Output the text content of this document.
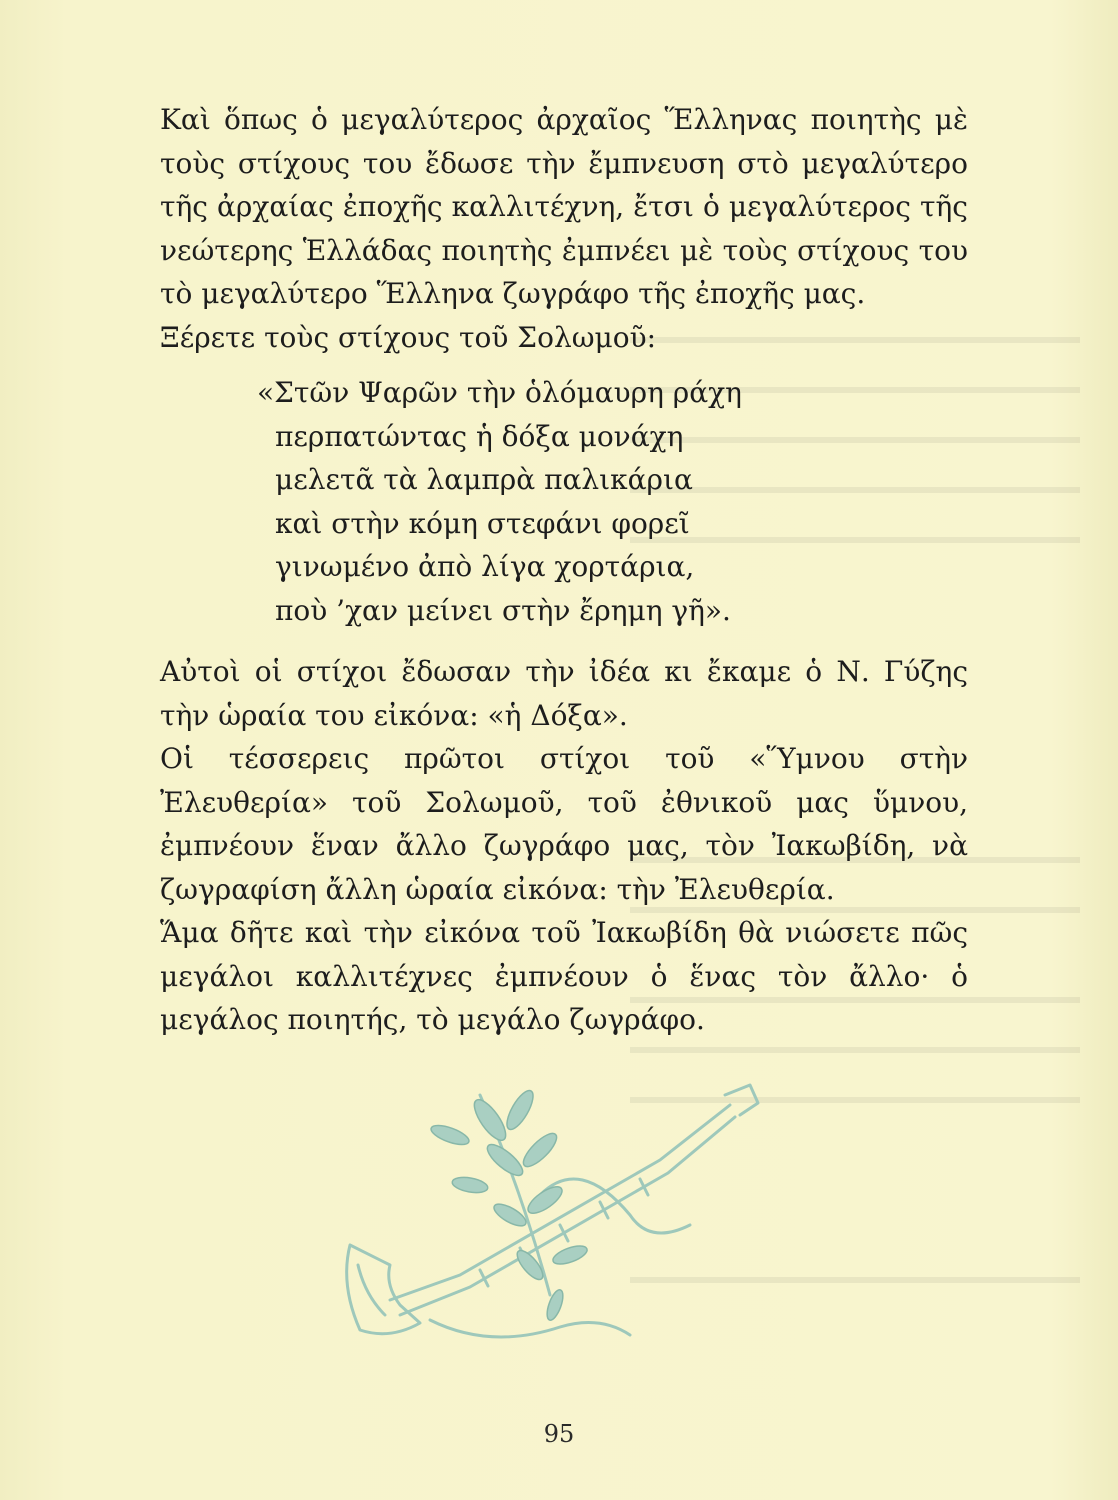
Καὶ ὅπως ὁ μεγαλύτερος ἀρχαῖος Ἕλληνας ποιητὴς μὲ τοὺς στίχους του ἔδωσε τὴν ἔμπνευση στὸ μεγαλύτερο τῆς ἀρχαίας ἐποχῆς καλλιτέχνη, ἔτσι ὁ μεγαλύτερος τῆς νεώτερης Ἑλλάδας ποιητὴς ἐμπνέει μὲ τοὺς στίχους του τὸ μεγαλύτερο Ἕλληνα ζωγράφο τῆς ἐποχῆς μας.

Ξέρετε τοὺς στίχους τοῦ Σολωμοῦ:

«Στῶν Ψαρῶν τὴν ὁλόμαυρη ράχη
περπατώντας ἡ δόξα μονάχη
μελετᾶ τὰ λαμπρὰ παλικάρια
καὶ στὴν κόμη στεφάνι φορεῖ
γινωμένο ἀπὸ λίγα χορτάρια,
ποὺ ’χαν μείνει στὴν ἔρημη γῆ».

Αὐτοὶ οἱ στίχοι ἔδωσαν τὴν ἰδέα κι ἔκαμε ὁ Ν. Γύζης τὴν ὡραία του εἰκόνα: «ἡ Δόξα».

Οἱ τέσσερεις πρῶτοι στίχοι τοῦ «Ὕμνου στὴν Ἐλευθερία» τοῦ Σολωμοῦ, τοῦ ἐθνικοῦ μας ὕμνου, ἐμπνέουν ἕναν ἄλλο ζωγράφο μας, τὸν Ἰακωβίδη, νὰ ζωγραφίση ἄλλη ὡραία εἰκόνα: τὴν Ἐλευθερία.

Ἅμα δῆτε καὶ τὴν εἰκόνα τοῦ Ἰακωβίδη θὰ νιώσετε πῶς μεγάλοι καλλιτέχνες ἐμπνέουν ὁ ἕνας τὸν ἄλλο· ὁ μεγάλος ποιητής, τὸ μεγάλο ζωγράφο.

95
